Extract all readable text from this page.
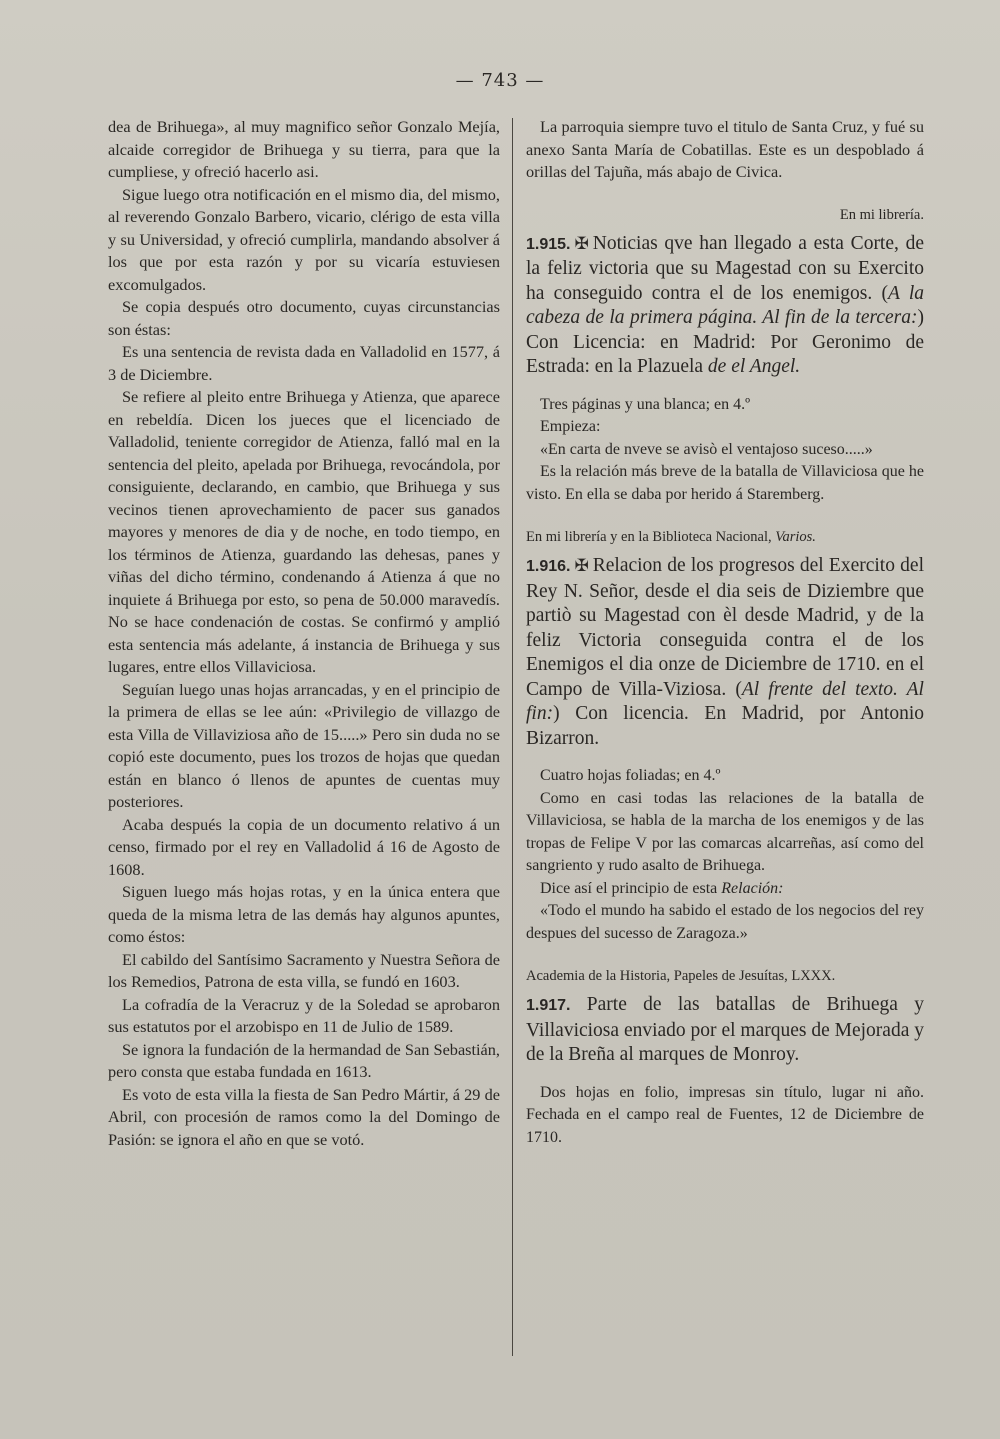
— 743 —

dea de Brihuega», al muy magnifico señor Gonzalo Mejía, alcaide corregidor de Brihuega y su tierra, para que la cumpliese, y ofreció hacerlo asi.

Sigue luego otra notificación en el mismo dia, del mismo, al reverendo Gonzalo Barbero, vicario, clérigo de esta villa y su Universidad, y ofreció cumplirla, mandando absolver á los que por esta razón y por su vicaría estuviesen excomulgados.

Se copia después otro documento, cuyas circunstancias son éstas:

Es una sentencia de revista dada en Valladolid en 1577, á 3 de Diciembre.

Se refiere al pleito entre Brihuega y Atienza, que aparece en rebeldía. Dicen los jueces que el licenciado de Valladolid, teniente corregidor de Atienza, falló mal en la sentencia del pleito, apelada por Brihuega, revocándola, por consiguiente, declarando, en cambio, que Brihuega y sus vecinos tienen aprovechamiento de pacer sus ganados mayores y menores de dia y de noche, en todo tiempo, en los términos de Atienza, guardando las dehesas, panes y viñas del dicho término, condenando á Atienza á que no inquiete á Brihuega por esto, so pena de 50.000 maravedís. No se hace condenación de costas. Se confirmó y amplió esta sentencia más adelante, á instancia de Brihuega y sus lugares, entre ellos Villaviciosa.

Seguían luego unas hojas arrancadas, y en el principio de la primera de ellas se lee aún: «Privilegio de villazgo de esta Villa de Villaviziosa año de 15.....» Pero sin duda no se copió este documento, pues los trozos de hojas que quedan están en blanco ó llenos de apuntes de cuentas muy posteriores.

Acaba después la copia de un documento relativo á un censo, firmado por el rey en Valladolid á 16 de Agosto de 1608.

Siguen luego más hojas rotas, y en la única entera que queda de la misma letra de las demás hay algunos apuntes, como éstos:

El cabildo del Santísimo Sacramento y Nuestra Señora de los Remedios, Patrona de esta villa, se fundó en 1603.

La cofradía de la Veracruz y de la Soledad se aprobaron sus estatutos por el arzobispo en 11 de Julio de 1589.

Se ignora la fundación de la hermandad de San Sebastián, pero consta que estaba fundada en 1613.

Es voto de esta villa la fiesta de San Pedro Mártir, á 29 de Abril, con procesión de ramos como la del Domingo de Pasión: se ignora el año en que se votó.

La parroquia siempre tuvo el titulo de Santa Cruz, y fué su anexo Santa María de Cobatillas. Este es un despoblado á orillas del Tajuña, más abajo de Civica.

En mi librería.

1.915. ✠ Noticias qve han llegado a esta Corte, de la feliz victoria que su Magestad con su Exercito ha conseguido contra el de los enemigos. (A la cabeza de la primera página. Al fin de la tercera:) Con Licencia: en Madrid: Por Geronimo de Estrada: en la Plazuela de el Angel.

Tres páginas y una blanca; en 4.º

Empieza:

«En carta de nveve se avisò el ventajoso suceso.....»

Es la relación más breve de la batalla de Villaviciosa que he visto. En ella se daba por herido á Staremberg.

En mi librería y en la Biblioteca Nacional, Varios.

1.916. ✠ Relacion de los progresos del Exercito del Rey N. Señor, desde el dia seis de Diziembre que partiò su Magestad con èl desde Madrid, y de la feliz Victoria conseguida contra el de los Enemigos el dia onze de Diciembre de 1710. en el Campo de Villa-Viziosa. (Al frente del texto. Al fin:) Con licencia. En Madrid, por Antonio Bizarron.

Cuatro hojas foliadas; en 4.º

Como en casi todas las relaciones de la batalla de Villaviciosa, se habla de la marcha de los enemigos y de las tropas de Felipe V por las comarcas alcarreñas, así como del sangriento y rudo asalto de Brihuega.

Dice así el principio de esta Relación:

«Todo el mundo ha sabido el estado de los negocios del rey despues del sucesso de Zaragoza.»

Academia de la Historia, Papeles de Jesuítas, LXXX.

1.917. Parte de las batallas de Brihuega y Villaviciosa enviado por el marques de Mejorada y de la Breña al marques de Monroy.

Dos hojas en folio, impresas sin título, lugar ni año. Fechada en el campo real de Fuentes, 12 de Diciembre de 1710.
